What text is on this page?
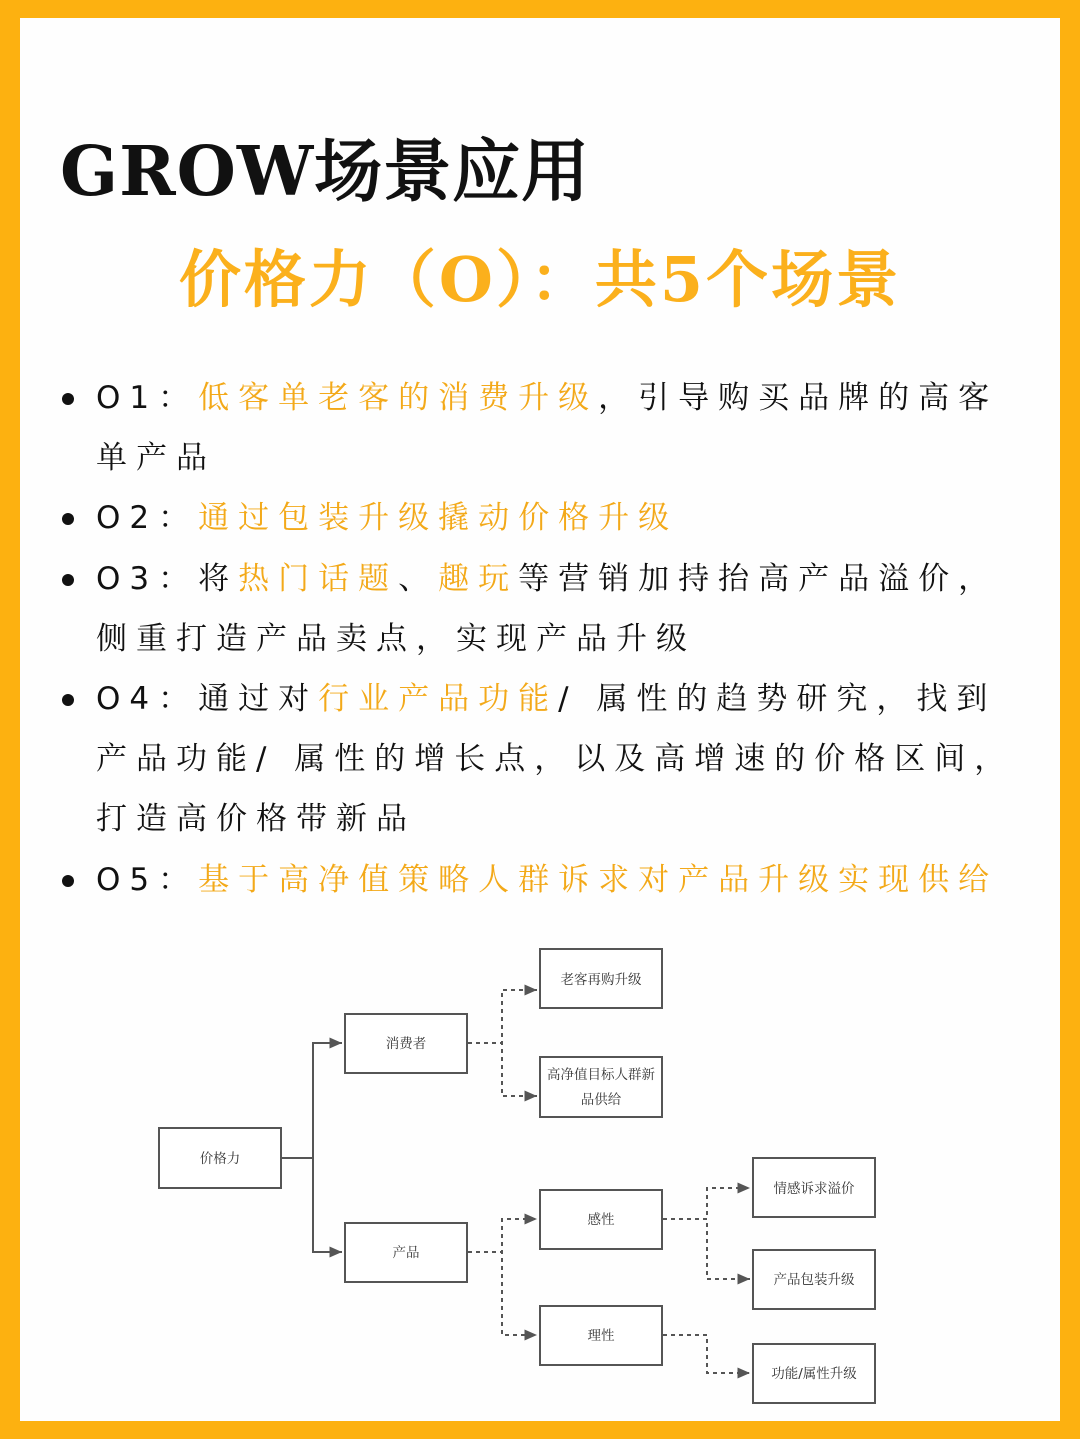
GROW场景应用
价格力（O）：共5个场景
O1：低客单老客的消费升级，引导购买品牌的高客单产品
O2：通过包装升级撬动价格升级
O3：将热门话题、趣玩等营销加持抬高产品溢价，侧重打造产品卖点，实现产品升级
O4：通过对行业产品功能/ 属性的趋势研究，找到产品功能/ 属性的增长点，以及高增速的价格区间，打造高价格带新品
O5：基于高净值策略人群诉求对产品升级实现供给
价格力
消费者
产品
老客再购升级
高净值目标人群新
品供给
感性
理性
情感诉求溢价
产品包装升级
功能/属性升级
